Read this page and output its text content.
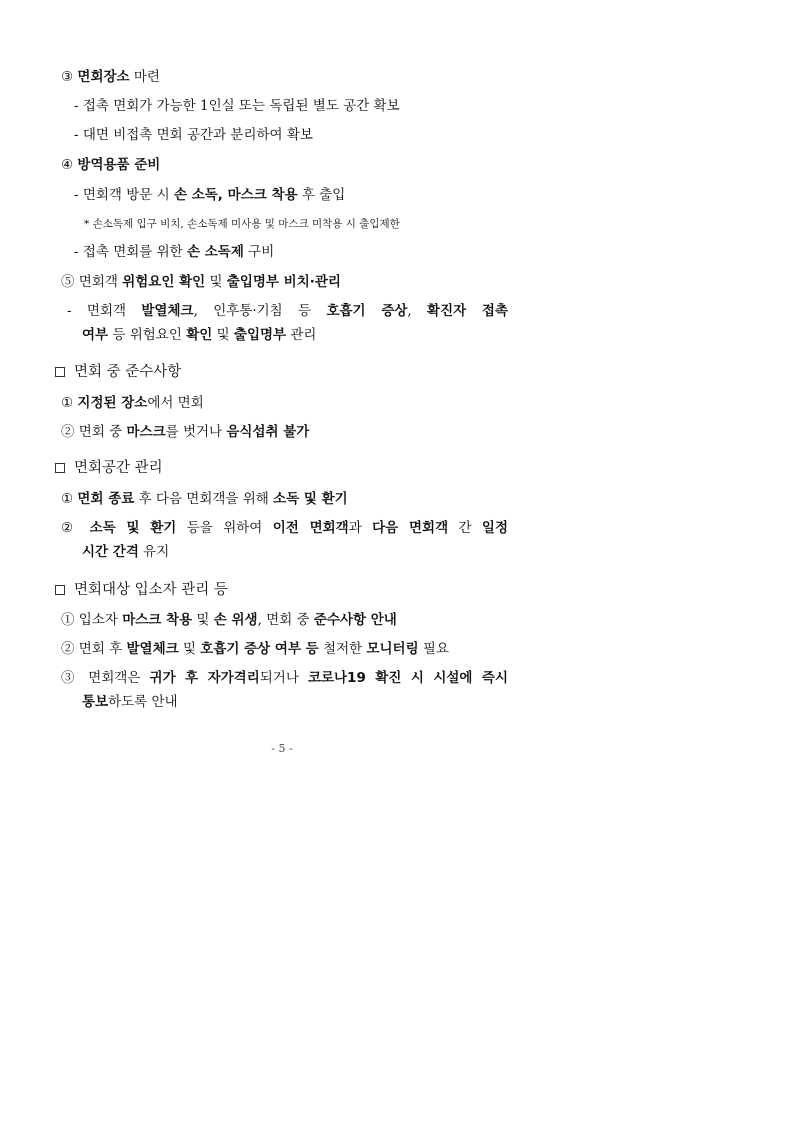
③ 면회장소 마련
- 접촉 면회가 가능한 1인실 또는 독립된 별도 공간 확보
- 대면 비접촉 면회 공간과 분리하여 확보
④ 방역용품 준비
- 면회객 방문 시 손 소독, 마스크 착용 후 출입
* 손소독제 입구 비치, 손소독제 미사용 및 마스크 미착용 시 출입제한
- 접촉 면회를 위한 손 소독제 구비
⑤ 면회객 위험요인 확인 및 출입명부 비치·관리
- 면회객 발열체크, 인후통·기침 등 호흡기 증상, 확진자 접촉
여부 등 위험요인 확인 및 출입명부 관리
면회 중 준수사항
① 지정된 장소에서 면회
② 면회 중 마스크를 벗거나 음식섭취 불가
면회공간 관리
① 면회 종료 후 다음 면회객을 위해 소독 및 환기
② 소독 및 환기 등을 위하여 이전 면회객과 다음 면회객 간 일정
시간 간격 유지
면회대상 입소자 관리 등
① 입소자 마스크 착용 및 손 위생, 면회 중 준수사항 안내
② 면회 후 발열체크 및 호흡기 증상 여부 등 철저한 모니터링 필요
③ 면회객은 귀가 후 자가격리되거나 코로나19 확진 시 시설에 즉시
통보하도록 안내
- 5 -
